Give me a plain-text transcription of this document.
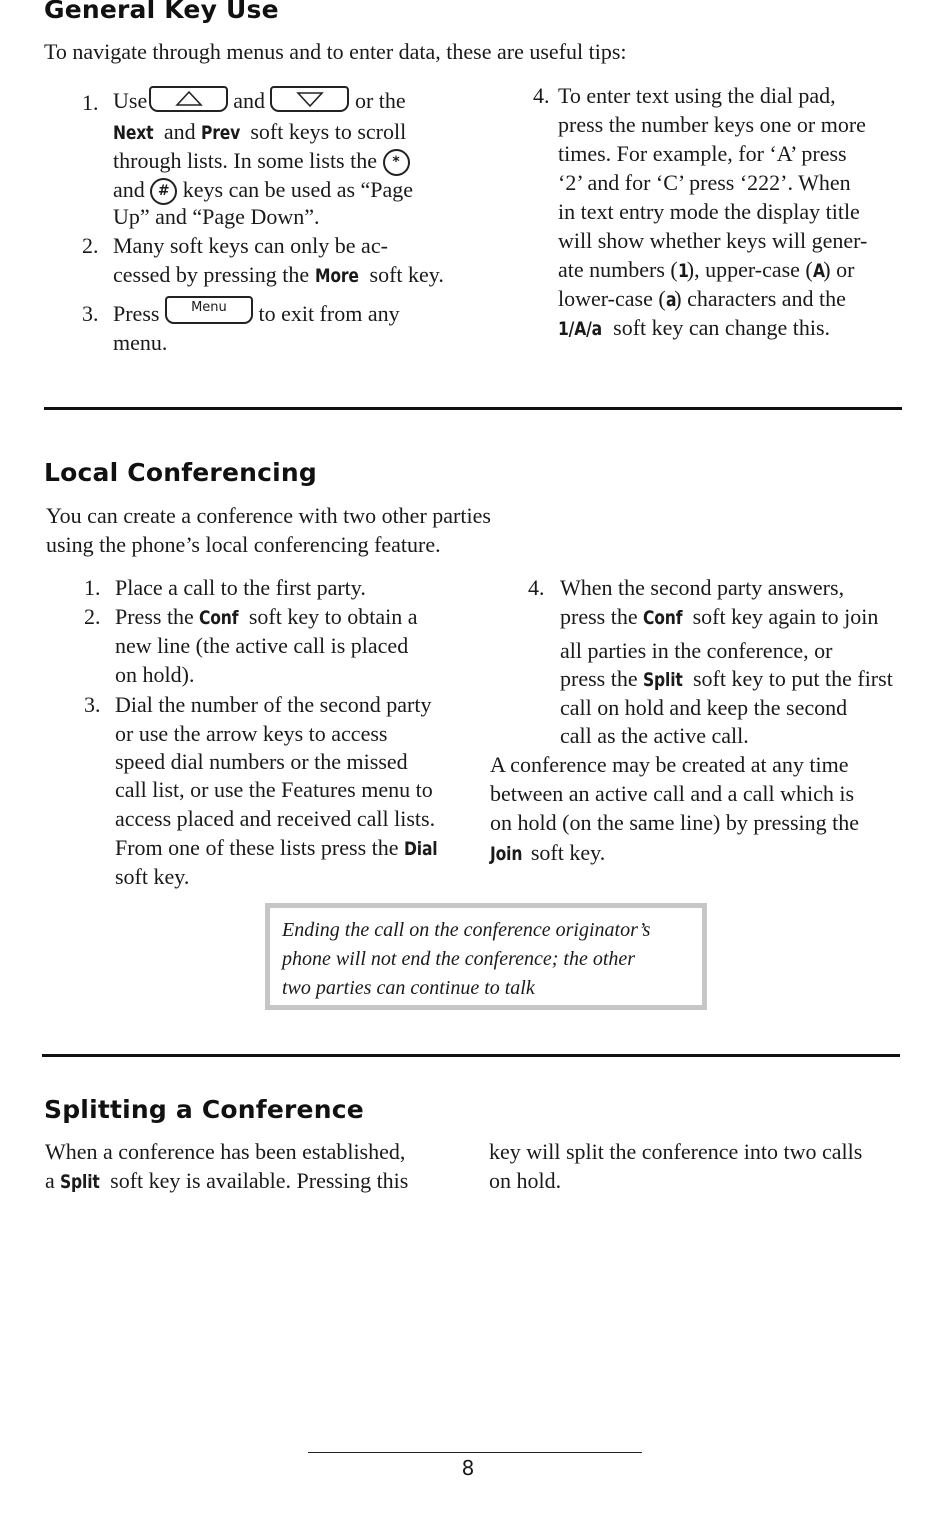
General Key Use
To navigate through menus and to enter data, these are useful tips:
1. Use	and	or the
Next and Prev soft keys to scroll
through lists. In some lists the *
and # keys can be used as “Page
Up” and “Page Down”.
2. Many soft keys can only be ac-
cessed by pressing the More soft key.
3. Press Menu to exit from any
menu.
4. To enter text using the dial pad,
press the number keys one or more
times. For example, for ‘A’ press
‘2’ and for ‘C’ press ‘222’. When
in text entry mode the display title
will show whether keys will gener-
ate numbers (1), upper-case (A) or
lower-case (a) characters and the
1/A/a soft key can change this.
Local Conferencing
You can create a conference with two other parties
using the phone’s local conferencing feature.
1. Place a call to the first party.
2. Press the Conf soft key to obtain a
new line (the active call is placed
on hold).
3. Dial the number of the second party
or use the arrow keys to access
speed dial numbers or the missed
call list, or use the Features menu to
access placed and received call lists.
From one of these lists press the Dial
soft key.
4. When the second party answers,
press the Conf soft key again to join
all parties in the conference, or
press the Split soft key to put the first
call on hold and keep the second
call as the active call.
A conference may be created at any time
between an active call and a call which is
on hold (on the same line) by pressing the
Join soft key.
Ending the call on the conference originator’s
phone will not end the conference; the other
two parties can continue to talk
Splitting a Conference
When a conference has been established,
a Split soft key is available. Pressing this
key will split the conference into two calls
on hold.
8
